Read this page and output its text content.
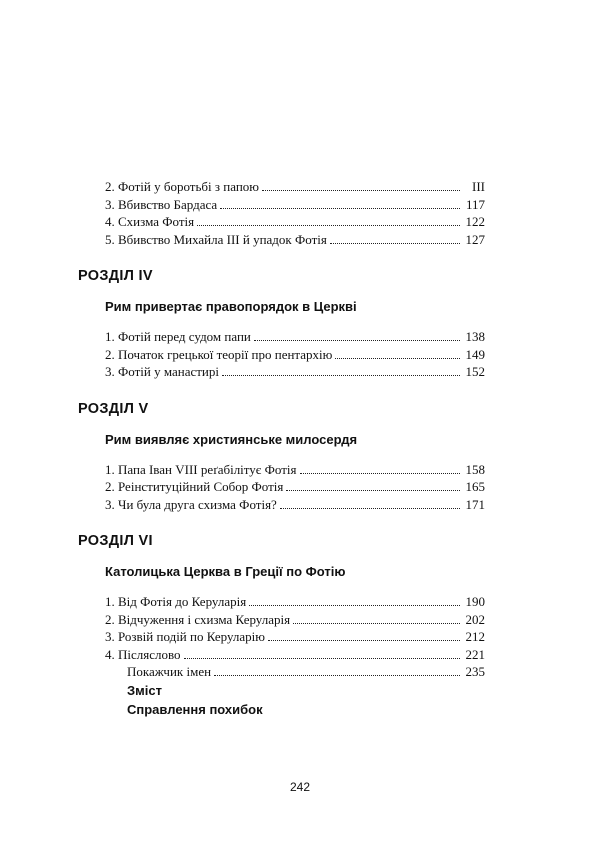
2. Фотій у боротьбі з папою	III
3. Вбивство Бардаса	117
4. Схизма Фотія	122
5. Вбивство Михайла III й упадок Фотія	127
РОЗДІЛ IV
Рим привертає правопорядок в Церкві
1. Фотій перед судом папи	138
2. Початок грецької теорії про пентархію	149
3. Фотій у манастирі	152
РОЗДІЛ V
Рим виявляє християнське милосердя
1. Папа Іван VIII реґабілітує Фотія	158
2. Реінституційний Собор Фотія	165
3. Чи була друга схизма Фотія?	171
РОЗДІЛ VI
Католицька Церква в Греції по Фотію
1. Від Фотія до Керуларія	190
2. Відчуження і схизма Керуларія	202
3. Розвій подій по Керуларію	212
4. Післяслово	221
Покажчик імен	235
Зміст
Справлення похибок
242
